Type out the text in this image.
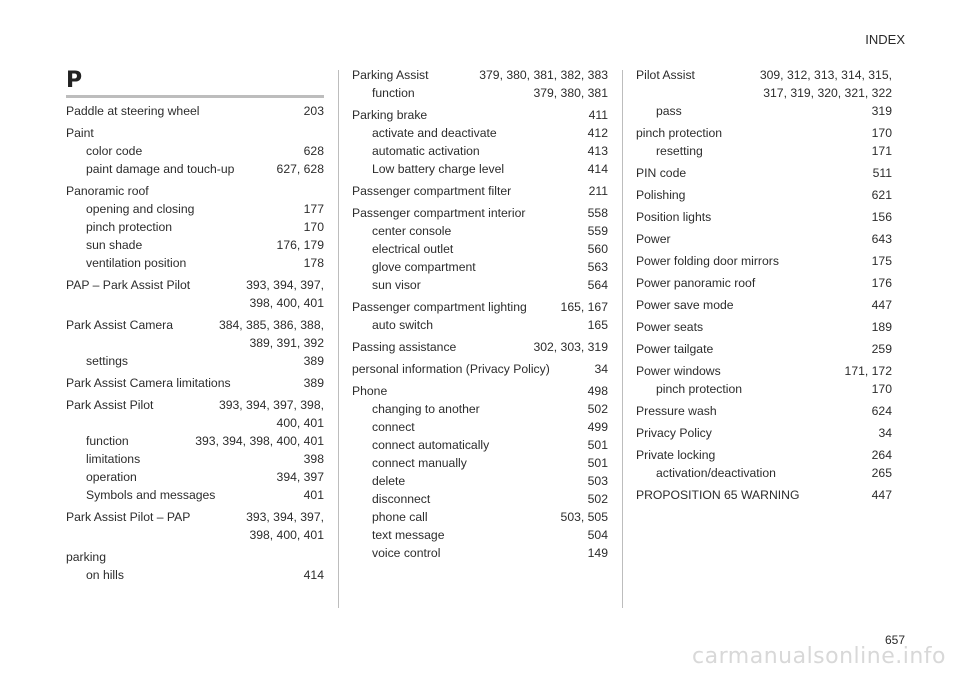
INDEX
P
Paddle at steering wheel	203
Paint
color code	628
paint damage and touch-up	627, 628
Panoramic roof
opening and closing	177
pinch protection	170
sun shade	176, 179
ventilation position	178
PAP – Park Assist Pilot	393, 394, 397,
398, 400, 401
Park Assist Camera	384, 385, 386, 388,
389, 391, 392
settings	389
Park Assist Camera limitations	389
Park Assist Pilot	393, 394, 397, 398,
400, 401
function	393, 394, 398, 400, 401
limitations	398
operation	394, 397
Symbols and messages	401
Park Assist Pilot – PAP	393, 394, 397,
398, 400, 401
parking
on hills	414
Parking Assist	379, 380, 381, 382, 383
function	379, 380, 381
Parking brake	411
activate and deactivate	412
automatic activation	413
Low battery charge level	414
Passenger compartment filter	211
Passenger compartment interior	558
center console	559
electrical outlet	560
glove compartment	563
sun visor	564
Passenger compartment lighting	165, 167
auto switch	165
Passing assistance	302, 303, 319
personal information (Privacy Policy)	34
Phone	498
changing to another	502
connect	499
connect automatically	501
connect manually	501
delete	503
disconnect	502
phone call	503, 505
text message	504
voice control	149
Pilot Assist	309, 312, 313, 314, 315,
317, 319, 320, 321, 322
pass	319
pinch protection	170
resetting	171
PIN code	511
Polishing	621
Position lights	156
Power	643
Power folding door mirrors	175
Power panoramic roof	176
Power save mode	447
Power seats	189
Power tailgate	259
Power windows	171, 172
pinch protection	170
Pressure wash	624
Privacy Policy	34
Private locking	264
activation/deactivation	265
PROPOSITION 65 WARNING	447
657
carmanualsonline.info
